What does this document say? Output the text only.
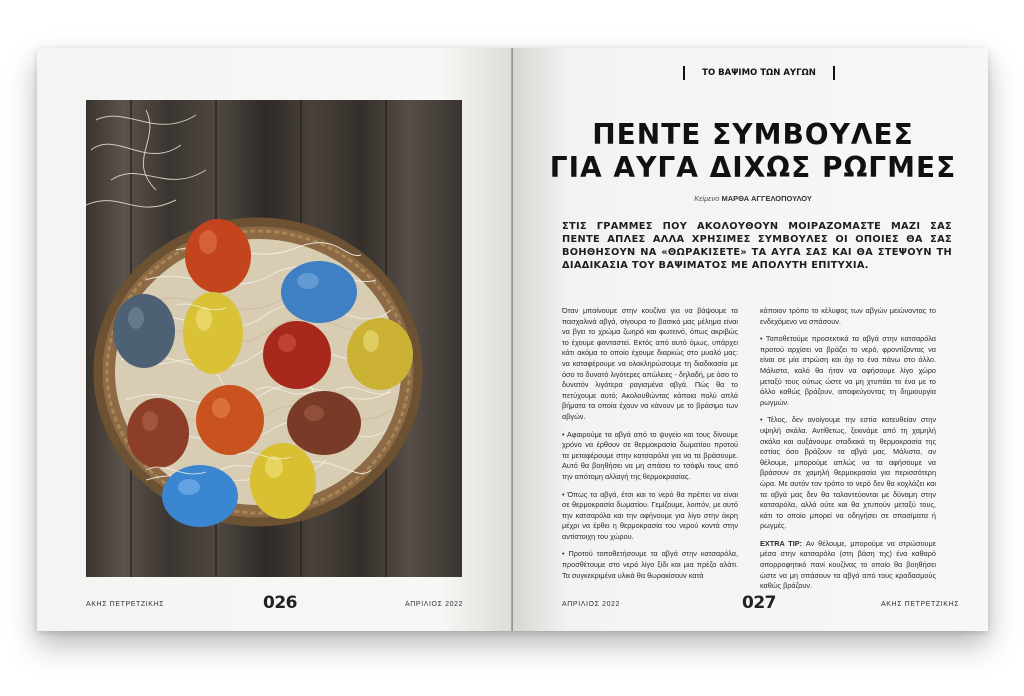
ΑΚΗΣ ΠΕΤΡΕΤΖΙΚΗΣ	026	ΑΠΡΙΛΙΟΣ 2022
ΤΟ ΒΑΨΙΜΟ ΤΩΝ ΑΥΓΩΝ
ΠΕΝΤΕ ΣΥΜΒΟΥΛΕΣ
ΓΙΑ ΑΥΓΑ ΔΙΧΩΣ ΡΩΓΜΕΣ
Κείμενο ΜΑΡΘΑ ΑΓΓΕΛΟΠΟΥΛΟΥ
ΣΤΙΣ ΓΡΑΜΜΕΣ ΠΟΥ ΑΚΟΛΟΥΘΟΥΝ ΜΟΙΡΑΖΟΜΑΣΤΕ ΜΑΖΙ ΣΑΣ ΠΕΝΤΕ ΑΠΛΕΣ ΑΛΛΑ ΧΡΗΣΙΜΕΣ ΣΥΜΒΟΥΛΕΣ ΟΙ ΟΠΟΙΕΣ ΘΑ ΣΑΣ ΒΟΗΘΗΣΟΥΝ ΝΑ «ΘΩΡΑΚΙΣΕΤΕ» ΤΑ ΑΥΓΑ ΣΑΣ ΚΑΙ ΘΑ ΣΤΕΨΟΥΝ ΤΗ ΔΙΑΔΙΚΑΣΙΑ ΤΟΥ ΒΑΨΙΜΑΤΟΣ ΜΕ ΑΠΟΛΥΤΗ ΕΠΙΤΥΧΙΑ.

Όταν μπαίνουμε στην κουζίνα για να βάψουμε τα πασχαλινά αβγά, σίγουρα το βασικό μας μέλημα είναι να βγει το χρώμα ζωηρό και φωτεινό, όπως ακριβώς το έχουμε φανταστεί. Εκτός από αυτό όμως, υπάρχει κάτι ακόμα το οποίο έχουμε διαρκώς στο μυαλό μας: να καταφέρουμε να ολοκληρώσουμε τη διαδικασία με όσο το δυνατό λιγότερες απώλειες - δηλαδή, με όσο το δυνατόν λιγότερα ραγισμένα αβγά. Πώς θα το πετύχουμε αυτό; Ακολουθώντας κάποια πολύ απλά βήματα τα οποία έχουν να κάνουν με το βράσιμο των αβγών.

• Αφαιρούμε τα αβγά από το ψυγείο και τους δίνουμε χρόνο να έρθουν σε θερμοκρασία δωματίου προτού τα μεταφέρουμε στην κατσαρόλα για να τα βράσουμε. Αυτό θα βοηθήσει να μη σπάσει το τσόφλι τους από την απότομη αλλαγή της θερμοκρασίας.

• Όπως τα αβγά, έτσι και το νερό θα πρέπει να είναι σε θερμοκρασία δωματίου. Γεμίζουμε, λοιπόν, με αυτό την κατσαρόλα και την αφήνουμε για λίγο στην άκρη μέχρι να έρθει η θερμοκρασία του νερού κοντά στην αντίστοιχη του χώρου.

• Προτού τοποθετήσουμε τα αβγά στην κατσαρόλα, προσθέτουμε στο νερό λίγο ξίδι και μια πρέζα αλάτι. Τα συγκεκριμένα υλικά θα θωρακίσουν κατά

κάποιον τρόπο το κέλυφος των αβγών μειώνοντας το ενδεχόμενο να σπάσουν.

• Τοποθετούμε προσεκτικά τα αβγά στην κατσαρόλα προτού αρχίσει να βράζει το νερό, φροντίζοντας να είναι σε μία στρώση και όχι το ένα πάνω στο άλλο. Μάλιστα, καλό θα ήταν να αφήσουμε λίγο χώρο μεταξύ τους ούτως ώστε να μη χτυπάει το ένα με το άλλο καθώς βράζουν, αποφεύγοντας τη δημιουργία ρωγμών.

• Τέλος, δεν ανοίγουμε την εστία κατευθείαν στην υψηλή σκάλα. Αντίθετως, ξεκινάμε από τη χαμηλή σκάλα και αυξάνουμε σταδιακά τη θερμοκρασία της εστίας όσο βράζουν τα αβγά μας. Μάλιστα, αν θέλουμε, μπορούμε απλώς να τα αφήσουμε να βράσουν σε χαμηλή θερμοκρασία για περισσότερη ώρα. Με αυτόν τον τρόπο το νερό δεν θα κοχλάζει και τα αβγά μας δεν θα ταλαντεύονται με δύναμη στην κατσαρόλα, αλλά ούτε και θα χτυπούν μεταξύ τους, κάτι το οποίο μπορεί να οδηγήσει σε σπασίματα ή ρωγμές.

EXTRA TIP: Αν θέλουμε, μπορούμε να στρώσουμε μέσα στην κατσαρόλα (στη βάση της) ένα καθαρό απορροφητικό πανί κουζίνας το οποίο θα βοηθήσει ώστε να μη σπάσουν τα αβγά από τους κραδασμούς καθώς βράζουν.

ΑΠΡΙΛΙΟΣ 2022	027	ΑΚΗΣ ΠΕΤΡΕΤΖΙΚΗΣ
